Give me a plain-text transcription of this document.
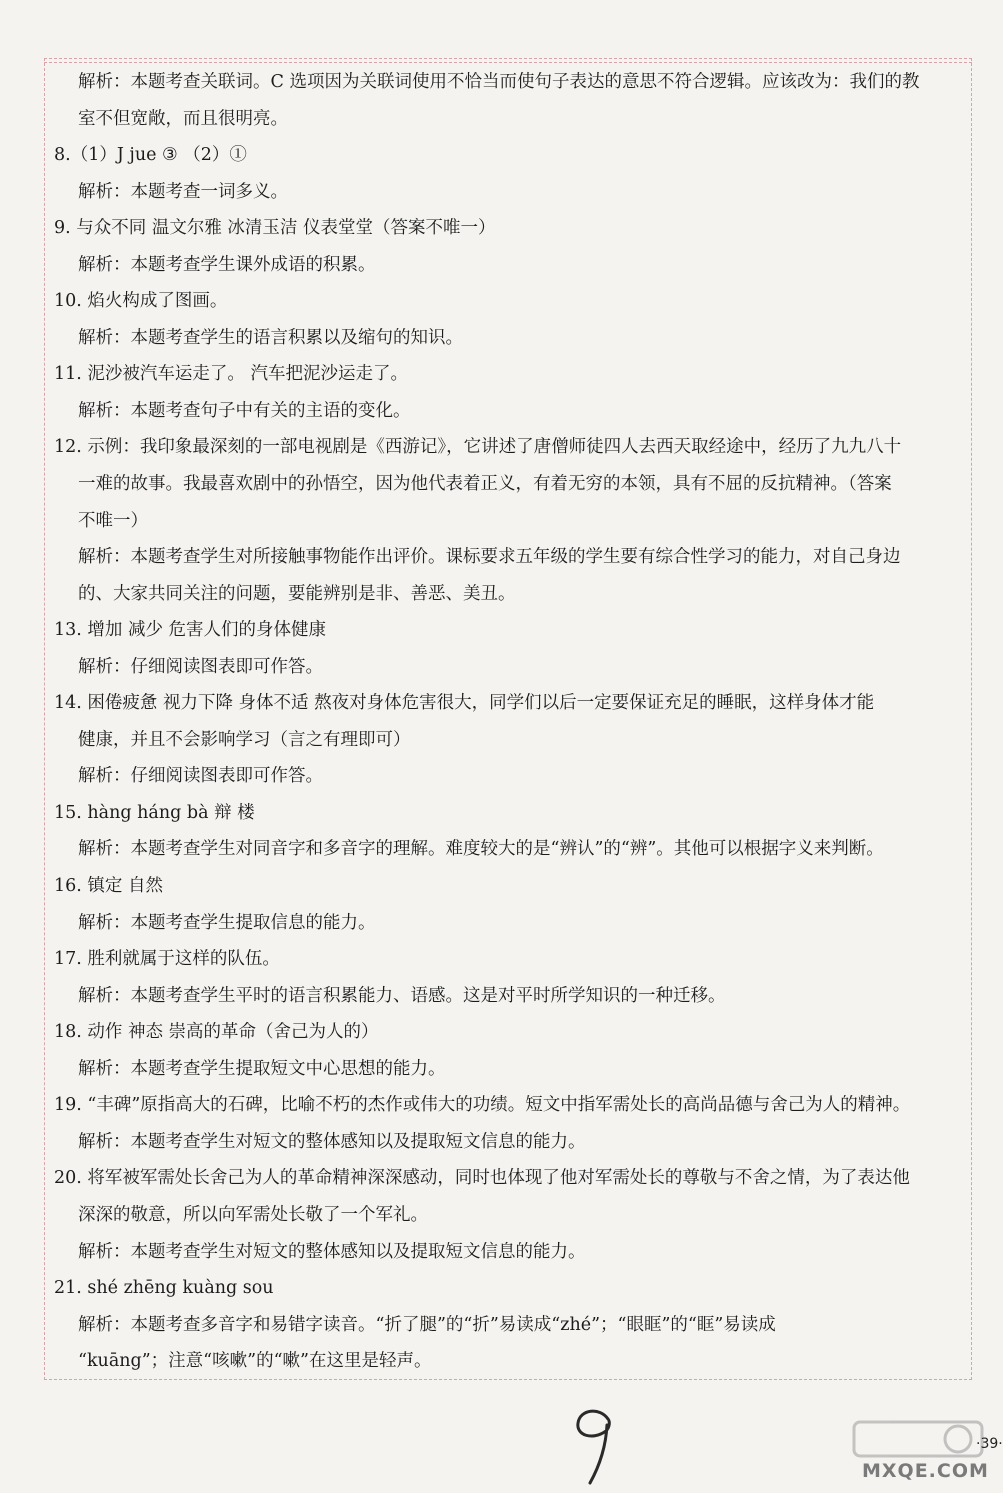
解析：本题考查关联词。C 选项因为关联词使用不恰当而使句子表达的意思不符合逻辑。应该改为：我们的教
室不但宽敞，而且很明亮。
8.（1）J jue ③ （2）①
解析：本题考查一词多义。
9. 与众不同 温文尔雅 冰清玉洁 仪表堂堂（答案不唯一）
解析：本题考查学生课外成语的积累。
10. 焰火构成了图画。
解析：本题考查学生的语言积累以及缩句的知识。
11. 泥沙被汽车运走了。 汽车把泥沙运走了。
解析：本题考查句子中有关的主语的变化。
12. 示例：我印象最深刻的一部电视剧是《西游记》，它讲述了唐僧师徒四人去西天取经途中，经历了九九八十
一难的故事。我最喜欢剧中的孙悟空，因为他代表着正义，有着无穷的本领，具有不屈的反抗精神。（答案
不唯一）
解析：本题考查学生对所接触事物能作出评价。课标要求五年级的学生要有综合性学习的能力，对自己身边
的、大家共同关注的问题，要能辨别是非、善恶、美丑。
13. 增加 减少 危害人们的身体健康
解析：仔细阅读图表即可作答。
14. 困倦疲惫 视力下降 身体不适 熬夜对身体危害很大，同学们以后一定要保证充足的睡眠，这样身体才能
健康，并且不会影响学习（言之有理即可）
解析：仔细阅读图表即可作答。
15. hàng háng bà 辩 楼
解析：本题考查学生对同音字和多音字的理解。难度较大的是“辨认”的“辨”。其他可以根据字义来判断。
16. 镇定 自然
解析：本题考查学生提取信息的能力。
17. 胜利就属于这样的队伍。
解析：本题考查学生平时的语言积累能力、语感。这是对平时所学知识的一种迁移。
18. 动作 神态 崇高的革命（舍己为人的）
解析：本题考查学生提取短文中心思想的能力。
19. “丰碑”原指高大的石碑，比喻不朽的杰作或伟大的功绩。短文中指军需处长的高尚品德与舍己为人的精神。
解析：本题考查学生对短文的整体感知以及提取短文信息的能力。
20. 将军被军需处长舍己为人的革命精神深深感动，同时也体现了他对军需处长的尊敬与不舍之情，为了表达他
深深的敬意，所以向军需处长敬了一个军礼。
解析：本题考查学生对短文的整体感知以及提取短文信息的能力。
21. shé zhēng kuàng sou
解析：本题考查多音字和易错字读音。“折了腿”的“折”易读成“zhé”；“眼眶”的“眶”易读成
“kuāng”；注意“咳嗽”的“嗽”在这里是轻声。
MXQE.COM
·39·
